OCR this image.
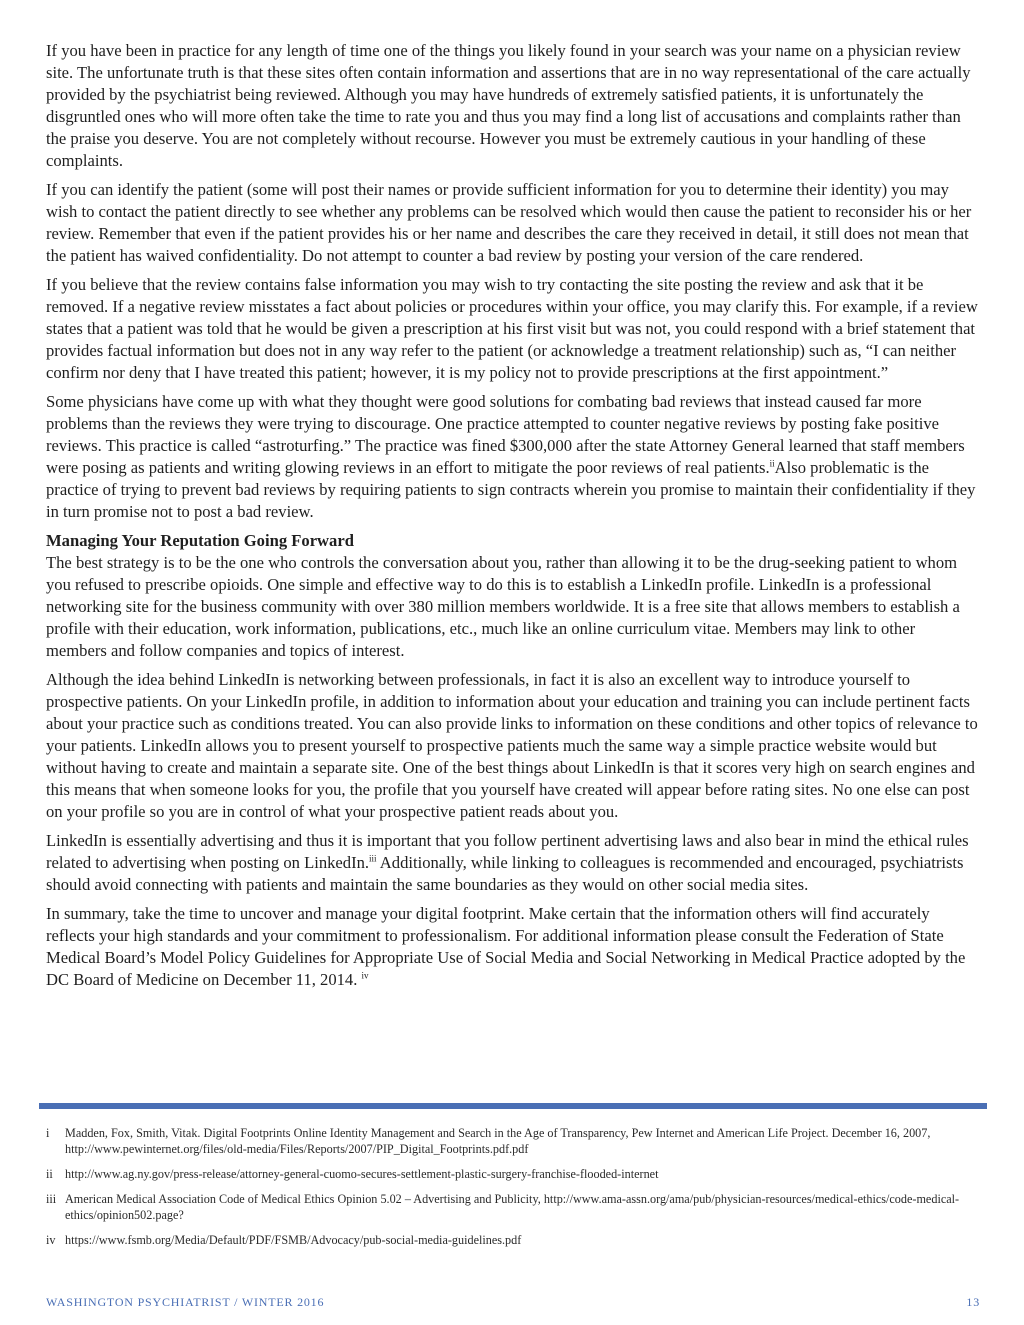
If you have been in practice for any length of time one of the things you likely found in your search was your name on a physician review site. The unfortunate truth is that these sites often contain information and assertions that are in no way representational of the care actually provided by the psychiatrist being reviewed. Although you may have hundreds of extremely satisfied patients, it is unfortunately the disgruntled ones who will more often take the time to rate you and thus you may find a long list of accusations and complaints rather than the praise you deserve. You are not completely without recourse. However you must be extremely cautious in your handling of these complaints.

If you can identify the patient (some will post their names or provide sufficient information for you to determine their identity) you may wish to contact the patient directly to see whether any problems can be resolved which would then cause the patient to reconsider his or her review. Remember that even if the patient provides his or her name and describes the care they received in detail, it still does not mean that the patient has waived confidentiality. Do not attempt to counter a bad review by posting your version of the care rendered.

If you believe that the review contains false information you may wish to try contacting the site posting the review and ask that it be removed. If a negative review misstates a fact about policies or procedures within your office, you may clarify this. For example, if a review states that a patient was told that he would be given a prescription at his first visit but was not, you could respond with a brief statement that provides factual information but does not in any way refer to the patient (or acknowledge a treatment relationship) such as, “I can neither confirm nor deny that I have treated this patient; however, it is my policy not to provide prescriptions at the first appointment.”

Some physicians have come up with what they thought were good solutions for combating bad reviews that instead caused far more problems than the reviews they were trying to discourage. One practice attempted to counter negative reviews by posting fake positive reviews. This practice is called “astroturfing.” The practice was fined $300,000 after the state Attorney General learned that staff members were posing as patients and writing glowing reviews in an effort to mitigate the poor reviews of real patients.$^{ii}$Also problematic is the practice of trying to prevent bad reviews by requiring patients to sign contracts wherein you promise to maintain their confidentiality if they in turn promise not to post a bad review.

Managing Your Reputation Going Forward

The best strategy is to be the one who controls the conversation about you, rather than allowing it to be the drug-seeking patient to whom you refused to prescribe opioids. One simple and effective way to do this is to establish a LinkedIn profile. LinkedIn is a professional networking site for the business community with over 380 million members worldwide. It is a free site that allows members to establish a profile with their education, work information, publications, etc., much like an online curriculum vitae. Members may link to other members and follow companies and topics of interest.

Although the idea behind LinkedIn is networking between professionals, in fact it is also an excellent way to introduce yourself to prospective patients. On your LinkedIn profile, in addition to information about your education and training you can include pertinent facts about your practice such as conditions treated. You can also provide links to information on these conditions and other topics of relevance to your patients. LinkedIn allows you to present yourself to prospective patients much the same way a simple practice website would but without having to create and maintain a separate site. One of the best things about LinkedIn is that it scores very high on search engines and this means that when someone looks for you, the profile that you yourself have created will appear before rating sites. No one else can post on your profile so you are in control of what your prospective patient reads about you.

LinkedIn is essentially advertising and thus it is important that you follow pertinent advertising laws and also bear in mind the ethical rules related to advertising when posting on LinkedIn.$^{iii}$ Additionally, while linking to colleagues is recommended and encouraged, psychiatrists should avoid connecting with patients and maintain the same boundaries as they would on other social media sites.

In summary, take the time to uncover and manage your digital footprint. Make certain that the information others will find accurately reflects your high standards and your commitment to professionalism. For additional information please consult the Federation of State Medical Board’s Model Policy Guidelines for Appropriate Use of Social Media and Social Networking in Medical Practice adopted by the DC Board of Medicine on December 11, 2014. $^{iv}$

i	Madden, Fox, Smith, Vitak. Digital Footprints Online Identity Management and Search in the Age of Transparency, Pew Internet and American Life Project. December 16, 2007, http://www.pewinternet.org/files/old-media/Files/Reports/2007/PIP_Digital_Footprints.pdf.pdf
ii	http://www.ag.ny.gov/press-release/attorney-general-cuomo-secures-settlement-plastic-surgery-franchise-flooded-internet
iii American Medical Association Code of Medical Ethics Opinion 5.02 – Advertising and Publicity, http://www.ama-assn.org/ama/pub/physician-resources/medical-ethics/code-medical-ethics/opinion502.page?
iv https://www.fsmb.org/Media/Default/PDF/FSMB/Advocacy/pub-social-media-guidelines.pdf
WASHINGTON PSYCHIATRIST / WINTER 2016	13
